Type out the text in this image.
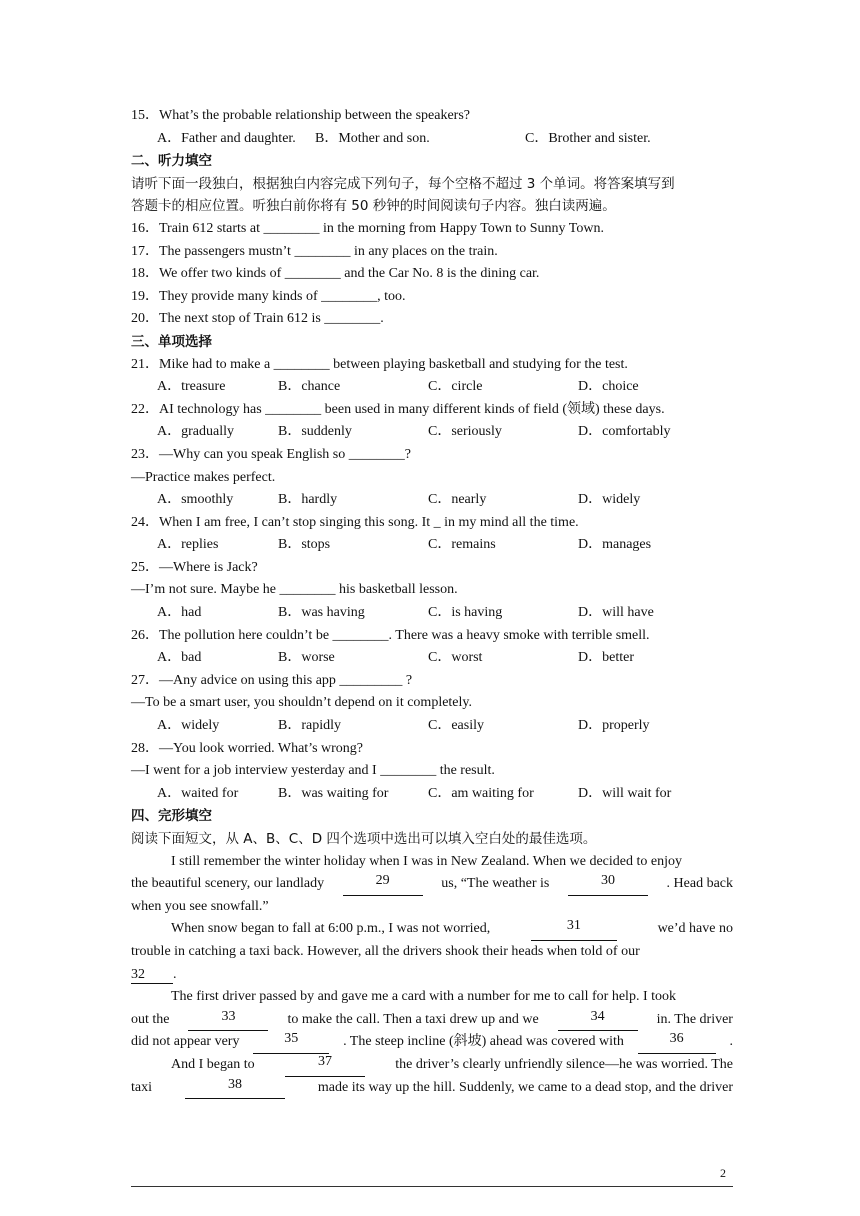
15．What’s the probable relationship between the speakers?
A．Father and daughter.	B．Mother and son.	C．Brother and sister.
二、听力填空
请听下面一段独白，根据独白内容完成下列句子，每个空格不超过 3 个单词。将答案填写到
答题卡的相应位置。听独白前你将有 50 秒钟的时间阅读句子内容。独白读两遍。
16．Train 612 starts at ________ in the morning from Happy Town to Sunny Town.
17．The passengers mustn’t ________ in any places on the train.
18．We offer two kinds of ________ and the Car No. 8 is the dining car.
19．They provide many kinds of ________, too.
20．The next stop of Train 612 is ________.
三、单项选择
21．Mike had to make a ________ between playing basketball and studying for the test.
A．treasure	B．chance	C．circle	D．choice
22．AI technology has ________ been used in many different kinds of field (领域) these days.
A．gradually	B．suddenly	C．seriously	D．comfortably
23．—Why can you speak English so ________?
—Practice makes perfect.
A．smoothly	B．hardly	C．nearly	D．widely
24．When I am free, I can’t stop singing this song. It _ in my mind all the time.
A．replies	B．stops	C．remains	D．manages
25．—Where is Jack?
—I’m not sure. Maybe he ________ his basketball lesson.
A．had	B．was having	C．is having	D．will have
26．The pollution here couldn’t be ________. There was a heavy smoke with terrible smell.
A．bad	B．worse	C．worst	D．better
27．—Any advice on using this app _________ ?
—To be a smart user, you shouldn’t depend on it completely.
A．widely	B．rapidly	C．easily	D．properly
28．—You look worried. What’s wrong?
—I went for a job interview yesterday and I ________ the result.
A．waited for	B．was waiting for	C．am waiting for	D．will wait for
四、完形填空
阅读下面短文，从 A、B、C、D 四个选项中选出可以填入空白处的最佳选项。
I still remember the winter holiday when I was in New Zealand. When we decided to enjoy
the beautiful scenery, our landlady	29	us, “The weather is	30	. Head back
when you see snowfall.”
When snow began to fall at 6:00 p.m., I was not worried,	31	we’d have no
trouble in catching a taxi back. However, all the drivers shook their heads when told of our
32 .
The first driver passed by and gave me a card with a number for me to call for help. I took
out the	33	to make the call. Then a taxi drew up and we	34	in. The driver
did not appear very	35	. The steep incline (斜坡) ahead was covered with	36	.
And I began to	37	the driver’s clearly unfriendly silence—he was worried. The
taxi	38	made its way up the hill. Suddenly, we came to a dead stop, and the driver
2
